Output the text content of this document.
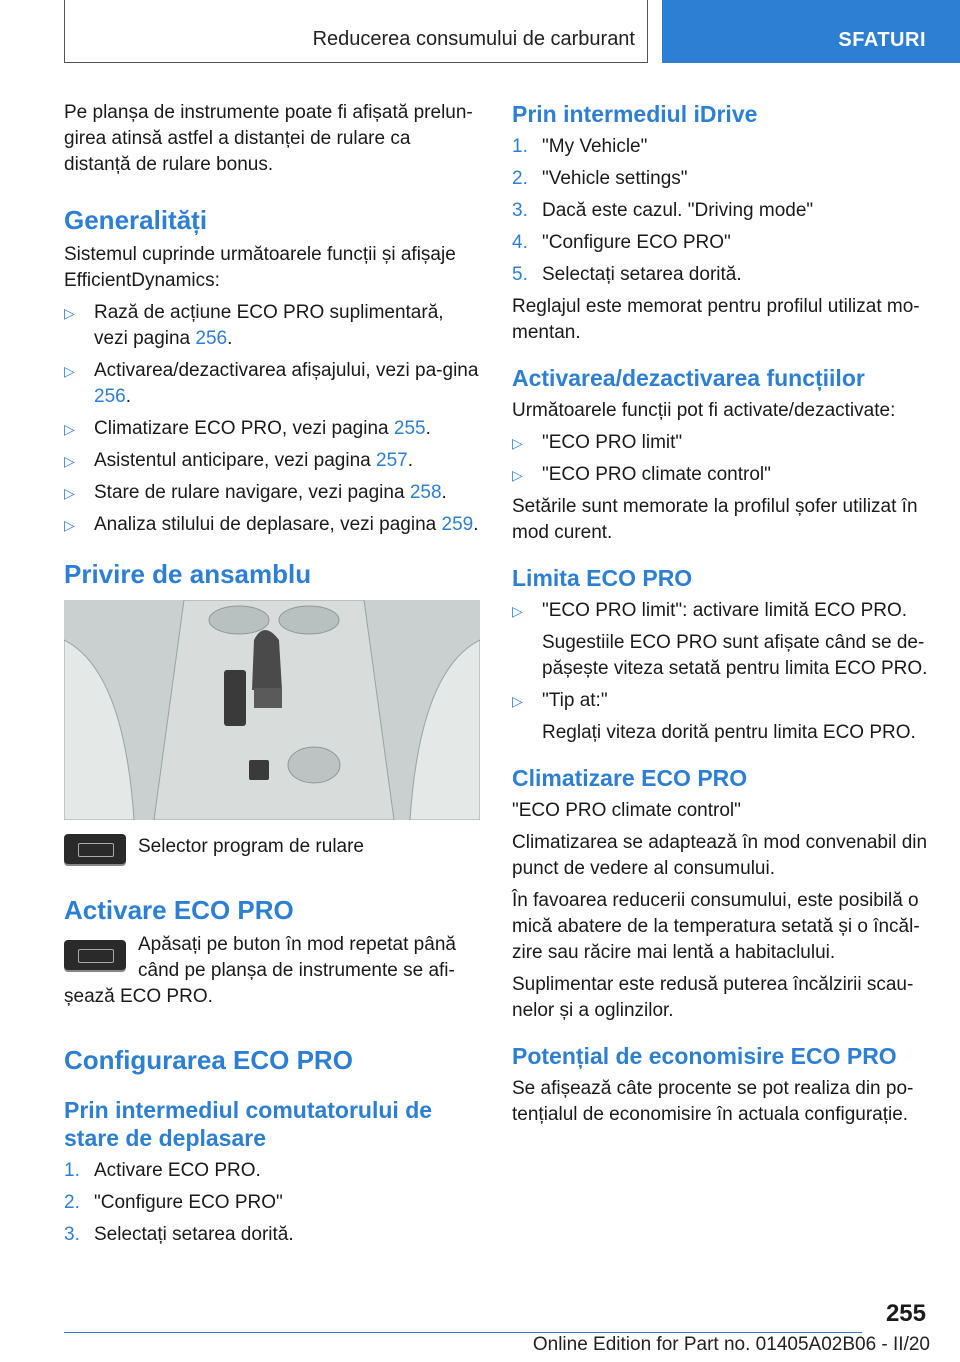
Reducerea consumului de carburant	SFATURI

Pe planșa de instrumente poate fi afișată prelun-girea atinsă astfel a distanței de rulare ca distanță de rulare bonus.

Generalități

Sistemul cuprinde următoarele funcții și afișaje EfficientDynamics:

▷ Rază de acțiune ECO PRO suplimentară, vezi pagina 256.
▷ Activarea/dezactivarea afișajului, vezi pa-gina 256.
▷ Climatizare ECO PRO, vezi pagina 255.
▷ Asistentul anticipare, vezi pagina 257.
▷ Stare de rulare navigare, vezi pagina 258.
▷ Analiza stilului de deplasare, vezi pagina 259.
Privire de ansamblu

Selector program de rulare

Activare ECO PRO

Apăsați pe buton în mod repetat până când pe planșa de instrumente se afi-șează ECO PRO.

Configurarea ECO PRO
Prin intermediul comutatorului de stare de deplasare
1. Activare ECO PRO.
2. "Configure ECO PRO"
3. Selectați setarea dorită.
Prin intermediul iDrive
1. "My Vehicle"
2. "Vehicle settings"
3. Dacă este cazul. "Driving mode"
4. "Configure ECO PRO"
5. Selectați setarea dorită.

Reglajul este memorat pentru profilul utilizat mo-mentan.

Activarea/dezactivarea funcțiilor

Următoarele funcții pot fi activate/dezactivate:

▷ "ECO PRO limit"
▷ "ECO PRO climate control"

Setările sunt memorate la profilul șofer utilizat în mod curent.

Limita ECO PRO
▷ "ECO PRO limit": activare limită ECO PRO.

Sugestiile ECO PRO sunt afișate când se de-pășește viteza setată pentru limita ECO PRO.
▷ "Tip at:"

Reglați viteza dorită pentru limita ECO PRO.
Climatizare ECO PRO

"ECO PRO climate control"

Climatizarea se adaptează în mod convenabil din punct de vedere al consumului.

În favoarea reducerii consumului, este posibilă o mică abatere de la temperatura setată și o încăl-zire sau răcire mai lentă a habitaclului.

Suplimentar este redusă puterea încălzirii scau-nelor și a oglinzilor.

Potențial de economisire ECO PRO

Se afișează câte procente se pot realiza din po-tențialul de economisire în actuala configurație.

255
Online Edition for Part no. 01405A02B06 - II/20
